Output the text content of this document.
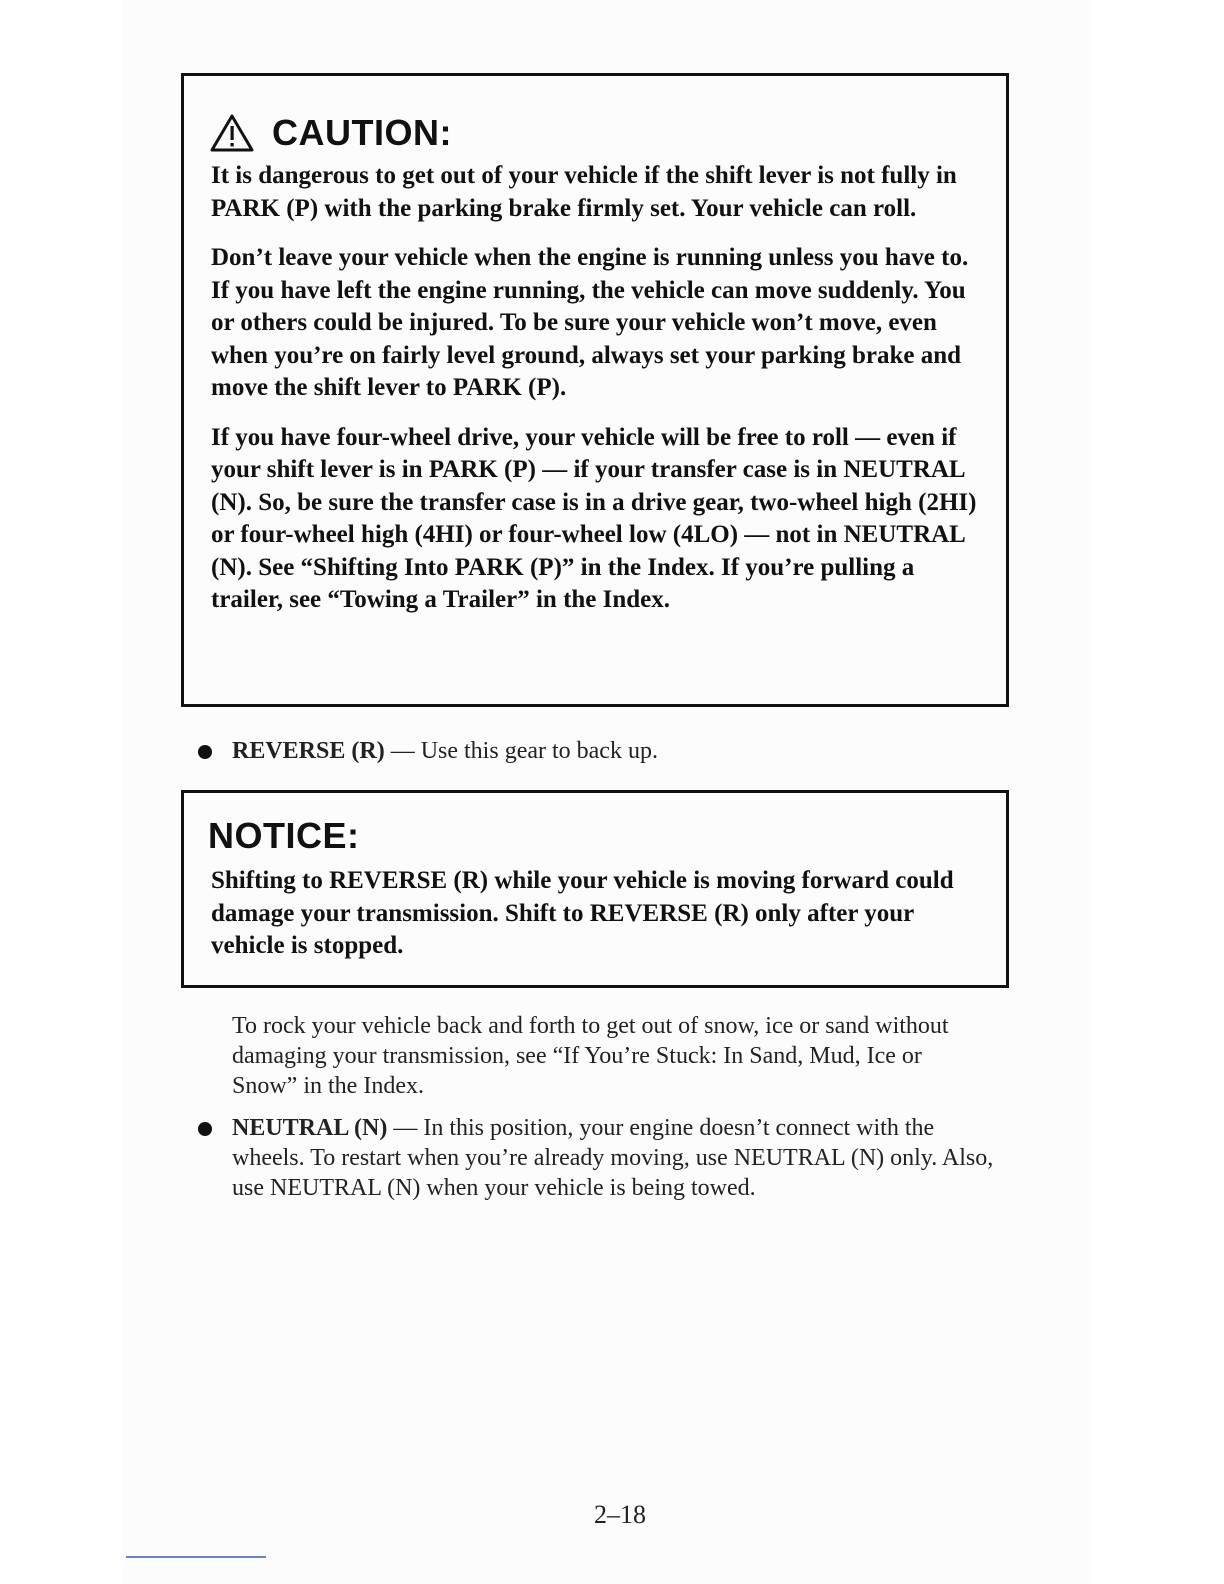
CAUTION:

It is dangerous to get out of your vehicle if the shift lever is not fully in PARK (P) with the parking brake firmly set. Your vehicle can roll.

Don’t leave your vehicle when the engine is running unless you have to. If you have left the engine running, the vehicle can move suddenly. You or others could be injured. To be sure your vehicle won’t move, even when you’re on fairly level ground, always set your parking brake and move the shift lever to PARK (P).

If you have four-wheel drive, your vehicle will be free to roll — even if your shift lever is in PARK (P) — if your transfer case is in NEUTRAL (N). So, be sure the transfer case is in a drive gear, two-wheel high (2HI) or four-wheel high (4HI) or four-wheel low (4LO) — not in NEUTRAL (N). See “Shifting Into PARK (P)” in the Index. If you’re pulling a trailer, see “Towing a Trailer” in the Index.

REVERSE (R) — Use this gear to back up.
NOTICE:

Shifting to REVERSE (R) while your vehicle is moving forward could damage your transmission. Shift to REVERSE (R) only after your vehicle is stopped.

To rock your vehicle back and forth to get out of snow, ice or sand without damaging your transmission, see “If You’re Stuck: In Sand, Mud, Ice or Snow” in the Index.
NEUTRAL (N) — In this position, your engine doesn’t connect with the wheels. To restart when you’re already moving, use NEUTRAL (N) only. Also, use NEUTRAL (N) when your vehicle is being towed.
2–18
